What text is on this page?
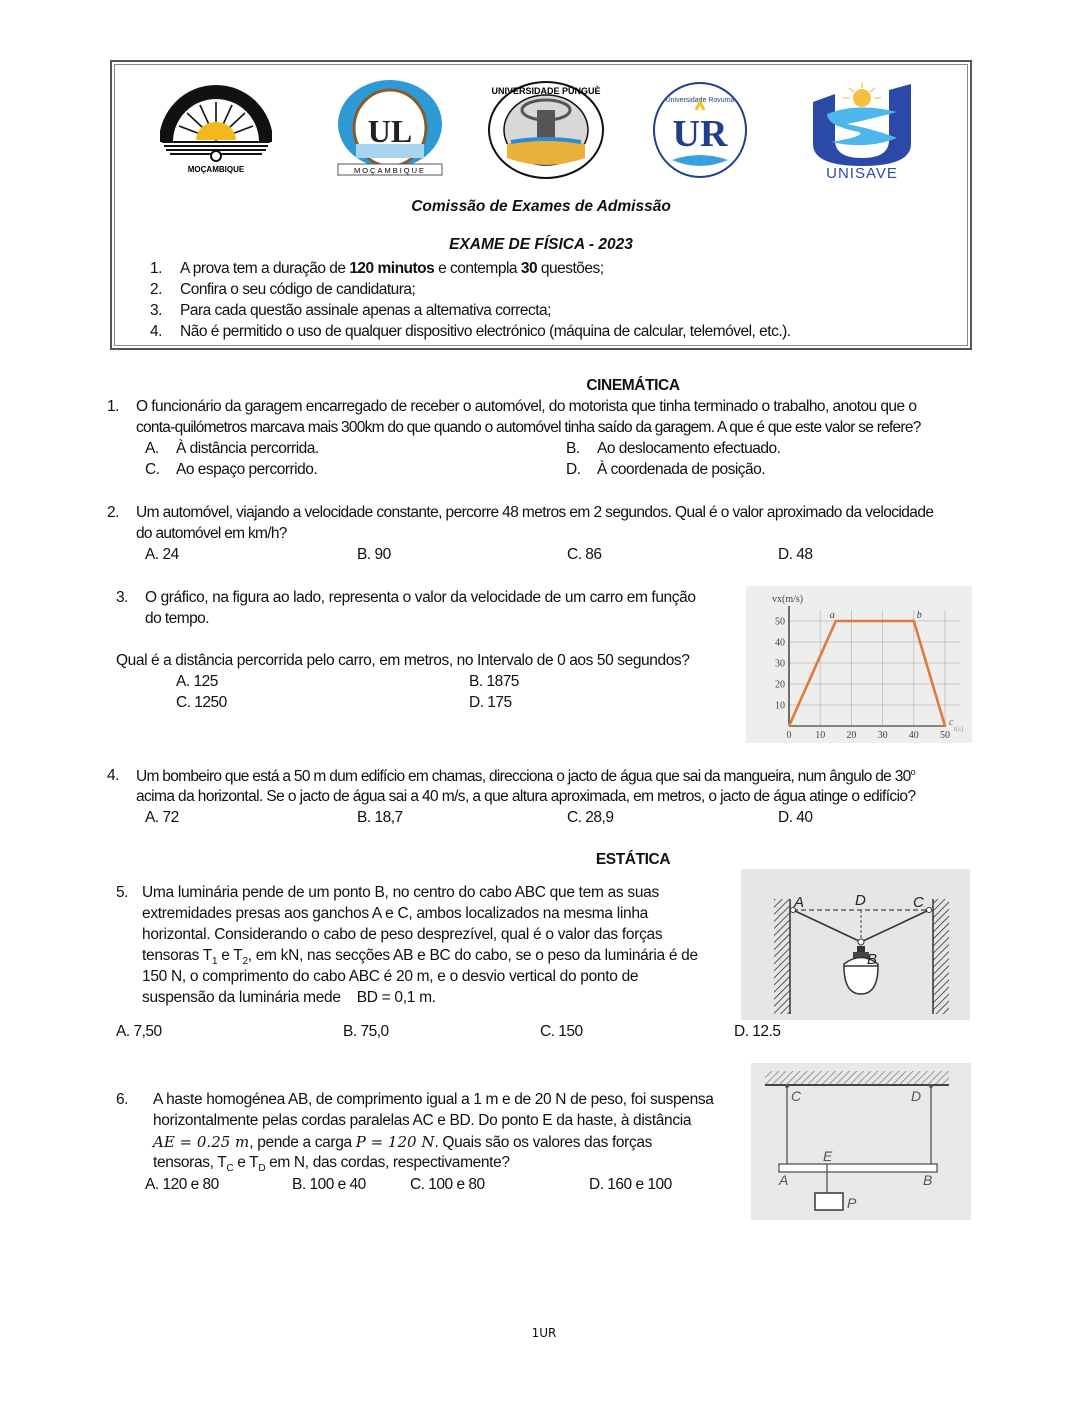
MOÇAMBIQUE
UL
MOÇAMBIQUE
UNIVERSIDADE PÚNGUÈ
Universidade Rovuma
UR
UNISAVE
Comissão de Exames de Admissão
EXAME DE FÍSICA - 2023
1. A prova tem a duração de 120 minutos e contempla 30 questões;
2. Confira o seu código de candidatura;
3. Para cada questão assinale apenas a altemativa correcta;
4. Não é permitido o uso de qualquer dispositivo electrónico (máquina de calcular, telemóvel, etc.).
CINEMÁTICA
1. O funcionário da garagem encarregado de receber o automóvel, do motorista que tinha terminado o trabalho, anotou que o
conta-quilómetros marcava mais 300km do que quando o automóvel tinha saído da garagem. A que é que este valor se refere?
A. À distância percorrida.	B. Ao deslocamento efectuado.
C. Ao espaço percorrido.	D. À coordenada de posição.
2. Um automóvel, viajando a velocidade constante, percorre 48 metros em 2 segundos. Qual é o valor aproximado da velocidade
do automóvel em km/h?
A. 24	B. 90	C. 86	D. 48
3. O gráfico, na figura ao lado, representa o valor da velocidade de um carro em função
do tempo.
Qual é a distância percorrida pelo carro, em metros, no Intervalo de 0 aos 50 segundos?
A. 125	B. 1875
C. 1250	D. 175
vx(m/s)
50
40
30
20
10
0 10 20 30 40 50
t(s)
a	b
c
4. Um bombeiro que está a 50 m dum edifício em chamas, direcciona o jacto de água que sai da mangueira, num ângulo de 30$^o$
acima da horizontal. Se o jacto de água sai a 40 m/s, a que altura aproximada, em metros, o jacto de água atinge o edifício?
A. 72	B. 18,7	C. 28,9	D. 40
ESTÁTICA
5. Uma luminária pende de um ponto B, no centro do cabo ABC que tem as suas
extremidades presas aos ganchos A e C, ambos localizados na mesma linha
horizontal. Considerando o cabo de peso desprezível, qual é o valor das forças
tensoras $T_1$ e $T_2$, em kN, nas secções AB e BC do cabo, se o peso da luminária é de
150 N, o comprimento do cabo ABC é 20 m, e o desvio vertical do ponto de
suspensão da luminária mede    BD = 0,1 m.
A. 7,50	B. 75,0	C. 150	D. 12.5
A	D	C
B
6. A haste homogénea AB, de comprimento igual a 1 m e de 20 N de peso, foi suspensa
horizontalmente pelas cordas paralelas AC e BD. Do ponto E da haste, à distância
AE = 0.25 m, pende a carga P = 120 N. Quais são os valores das forças
tensoras, $T_C$ e $T_D$ em N, das cordas, respectivamente?
A. 120 e 80	B. 100 e 40	C. 100 e 80	D. 160 e 100
C	D
E
A	B
P
1UR
